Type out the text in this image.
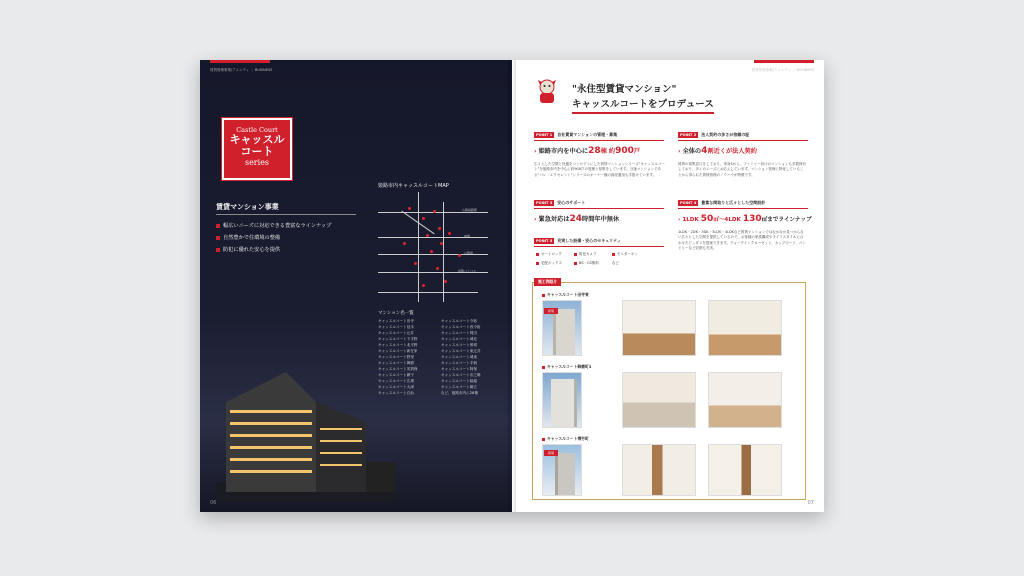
賃貸管理事業/アメニティ ｜ BUSINESS
Castle Court
キャッスル
コート
series
賃貸マンション事業
幅広いニーズに対応できる豊富なラインナップ
自然豊かで住環境の整備
防犯に優れた安心を提供
姫路市内キャッスルコートMAP
山陽姫路駅
JR線
山陽線
姫路バイパス
マンション名一覧
キャッスルコート田寺	キャッスルコート今宿
キャッスルコート延末	キャッスルコート西今宿
キャッスルコート辻井	キャッスルコート岡田
キャッスルコート下手野	キャッスルコート城北
キャッスルコート北平野	キャッスルコート保城
キャッスルコート新在家	キャッスルコート東辻井
キャッスルコート野里	キャッスルコート城東
キャッスルコート飾磨	キャッスルコート手柄
キャッスルコート英賀保	キャッスルコート阿保
キャッスルコート網干	キャッスルコート市之郷
キャッスルコート広畑	キャッスルコート砥堀
キャッスルコート大津	キャッスルコート御立
キャッスルコート白浜	など、姫路市内に28棟
06
賃貸管理事業/アメニティ ｜ BUSINESS
"永住型賃貸マンション"
キャッスルコートをプロデュース
POINT 1	自社賃貸マンションの管理・募集
› 姫路市内を中心に28棟 約900戸
広々とした空間と快適をコンセプトにした賃貸マンションシリーズ“キャッスルコート”を姫路市内を中心に約900戸の管理と募集をしています。分譲マンションである“パレ・エクセレント”シリーズのオーナー様の資産運用も手掛けています。
POINT 2	法人契約の多さが信頼の証
› 全体の4割近くが法人契約
賃貸の募集窓口をしており、単身Sから、ファミリー向けのマンションも多数保有しており、多くのニーズにお応えしています。マンション管理に特化していることから得られた賃貸管理のノウハウが特徴です。
POINT 3	安心のサポート
› 緊急対応は24時間年中無休
POINT 4	豊富な間取りと広々とした空間設計
› 1LDK 50㎡～4LDK 130㎡までラインナップ
1LDK・2DK・3DK・3LDK・4LDKなど賃貸マンションではなかなか見つからない広々とした空間を提供しているので、お客様の家族構成やライフスタイルに合わせたピッタリを提案できます。ウォークインクローゼット、カップボード、バンドリーなど収納も充実。
POINT 5	充実した設備・安心のセキュリティ
オートロック	防犯カメラ	モニターホン
宅配ボックス	BS・CS無料	など
施工例紹介
キャッスルコート田寺東
新築
キャッスルコート飾磨町3
キャッスルコート博労町
新築
07
